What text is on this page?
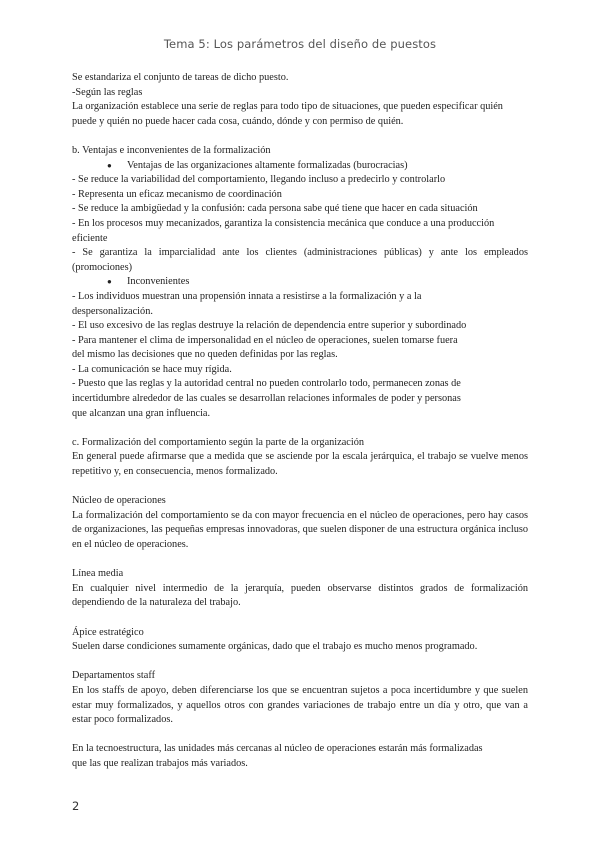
Tema 5: Los parámetros del diseño de puestos

Se estandariza el conjunto de tareas de dicho puesto.

-Según las reglas

La organización establece una serie de reglas para todo tipo de situaciones, que pueden especificar quién puede y quién no puede hacer cada cosa, cuándo, dónde y con permiso de quién.

b. Ventajas e inconvenientes de la formalización

● Ventajas de las organizaciones altamente formalizadas (burocracias)

- Se reduce la variabilidad del comportamiento, llegando incluso a predecirlo y controlarlo

- Representa un eficaz mecanismo de coordinación

- Se reduce la ambigüedad y la confusión: cada persona sabe qué tiene que hacer en cada situación

- En los procesos muy mecanizados, garantiza la consistencia mecánica que conduce a una producción eficiente

- Se garantiza la imparcialidad ante los clientes (administraciones públicas) y ante los empleados (promociones)

● Inconvenientes

- Los individuos muestran una propensión innata a resistirse a la formalización y a la

despersonalización.

- El uso excesivo de las reglas destruye la relación de dependencia entre superior y subordinado

- Para mantener el clima de impersonalidad en el núcleo de operaciones, suelen tomarse fuera

del mismo las decisiones que no queden definidas por las reglas.

- La comunicación se hace muy rígida.

- Puesto que las reglas y la autoridad central no pueden controlarlo todo, permanecen zonas de

incertidumbre alrededor de las cuales se desarrollan relaciones informales de poder y personas

que alcanzan una gran influencia.

c. Formalización del comportamiento según la parte de la organización

En general puede afirmarse que a medida que se asciende por la escala jerárquica, el trabajo se vuelve menos repetitivo y, en consecuencia, menos formalizado.

Núcleo de operaciones

La formalización del comportamiento se da con mayor frecuencia en el núcleo de operaciones, pero hay casos de organizaciones, las pequeñas empresas innovadoras, que suelen disponer de una estructura orgánica incluso en el núcleo de operaciones.

Línea media

En cualquier nivel intermedio de la jerarquía, pueden observarse distintos grados de formalización dependiendo de la naturaleza del trabajo.

Ápice estratégico

Suelen darse condiciones sumamente orgánicas, dado que el trabajo es mucho menos programado.

Departamentos staff

En los staffs de apoyo, deben diferenciarse los que se encuentran sujetos a poca incertidumbre y que suelen estar muy formalizados, y aquellos otros con grandes variaciones de trabajo entre un día y otro, que van a estar poco formalizados.

En la tecnoestructura, las unidades más cercanas al núcleo de operaciones estarán más formalizadas

que las que realizan trabajos más variados.

2
